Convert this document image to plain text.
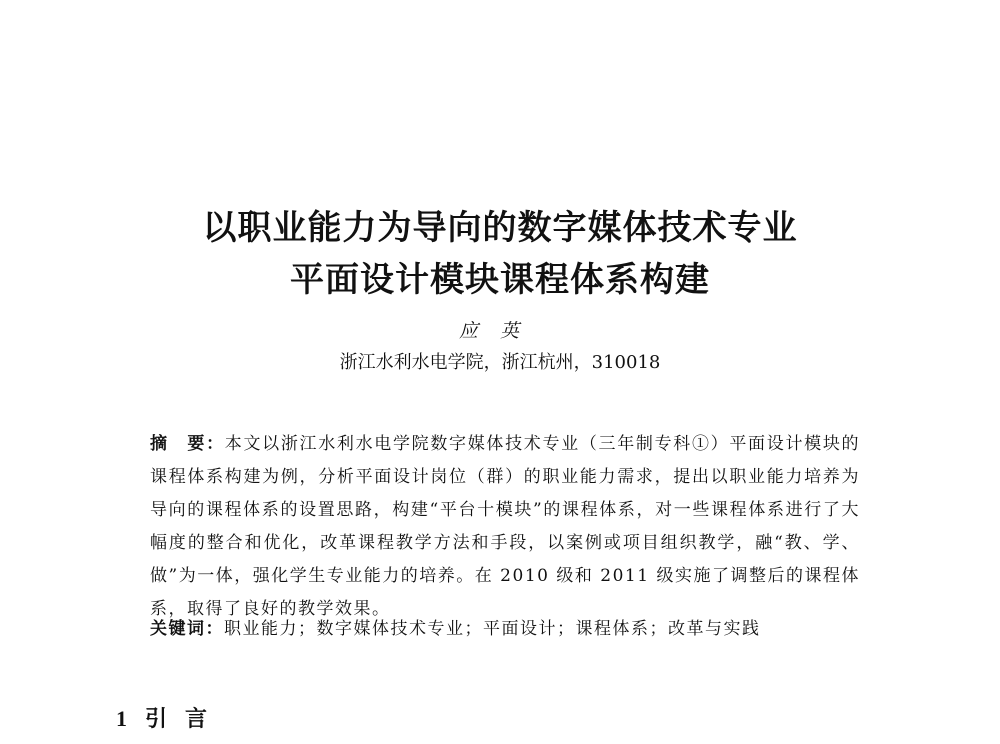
以职业能力为导向的数字媒体技术专业
平面设计模块课程体系构建
应英
浙江水利水电学院，浙江杭州，310018
摘　要：本文以浙江水利水电学院数字媒体技术专业（三年制专科①）平面设计模块的课程体系构建为例，分析平面设计岗位（群）的职业能力需求，提出以职业能力培养为导向的课程体系的设置思路，构建“平台十模块”的课程体系，对一些课程体系进行了大幅度的整合和优化，改革课程教学方法和手段，以案例或项目组织教学，融“教、学、做”为一体，强化学生专业能力的培养。在 2010 级和 2011 级实施了调整后的课程体系，取得了良好的教学效果。
关键词：职业能力；数字媒体技术专业；平面设计；课程体系；改革与实践
1 引言
